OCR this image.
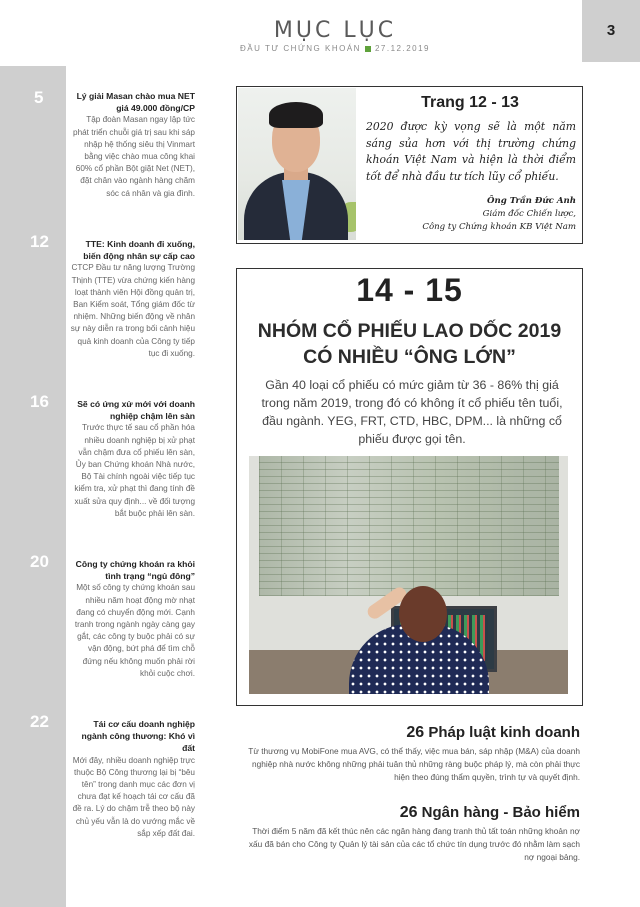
MỤC LỤC
ĐẦU TƯ CHỨNG KHOÁN 27.12.2019
3
5	Lý giải Masan chào mua NET giá 49.000 đồng/CP
Tập đoàn Masan ngay lập tức phát triển chuỗi giá trị sau khi sáp nhập hệ thống siêu thị Vinmart bằng việc chào mua công khai 60% cổ phần Bột giặt Net (NET), đặt chân vào ngành hàng chăm sóc cá nhân và gia đình.
12	TTE: Kinh doanh đi xuống, biến động nhân sự cấp cao
CTCP Đầu tư năng lượng Trường Thịnh (TTE) vừa chứng kiến hàng loạt thành viên Hội đồng quản trị, Ban Kiểm soát, Tổng giám đốc từ nhiệm. Những biến động về nhân sự này diễn ra trong bối cảnh hiệu quả kinh doanh của Công ty tiếp tục đi xuống.
16	Sẽ có ứng xử mới với doanh nghiệp chậm lên sàn
Trước thực tế sau cổ phần hóa nhiều doanh nghiệp bị xử phạt vẫn chậm đưa cổ phiếu lên sàn, Ủy ban Chứng khoán Nhà nước, Bộ Tài chính ngoài việc tiếp tục kiểm tra, xử phạt thì đang tính đề xuất sửa quy định... về đối tượng bắt buộc phải lên sàn.
20	Công ty chứng khoán ra khỏi tình trạng “ngủ đông”
Một số công ty chứng khoán sau nhiều năm hoạt động mờ nhạt đang có chuyển động mới. Cạnh tranh trong ngành ngày càng gay gắt, các công ty buộc phải có sự vận động, bứt phá để tìm chỗ đứng nếu không muốn phải rời khỏi cuộc chơi.
22	Tái cơ cấu doanh nghiệp ngành công thương: Khó vì đất
Mới đây, nhiều doanh nghiệp trực thuộc Bộ Công thương lại bị “bêu tên” trong danh mục các đơn vị chưa đạt kế hoạch tái cơ cấu đã đề ra. Lý do chậm trễ theo bộ này chủ yếu vẫn là do vướng mắc về sắp xếp đất đai.
Trang 12 - 13
2020 được kỳ vọng sẽ là một năm sáng sủa hơn với thị trường chứng khoán Việt Nam và hiện là thời điểm tốt để nhà đầu tư tích lũy cổ phiếu.
Ông Trần Đức Anh
Giám đốc Chiến lược,
Công ty Chứng khoán KB Việt Nam
14 - 15
NHÓM CỔ PHIẾU LAO DỐC 2019
CÓ NHIỀU “ÔNG LỚN”
Gần 40 loại cổ phiếu có mức giảm từ 36 - 86% thị giá trong năm 2019, trong đó có không ít cổ phiếu tên tuổi, đầu ngành. YEG, FRT, CTD, HBC, DPM... là những cổ phiếu được gọi tên.
26 Pháp luật kinh doanh
Từ thương vụ MobiFone mua AVG, có thể thấy, việc mua bán, sáp nhập (M&A) của doanh nghiệp nhà nước không những phải tuân thủ những ràng buộc pháp lý, mà còn phải thực hiện theo đúng thẩm quyền, trình tự và quyết định.
26 Ngân hàng - Bảo hiểm
Thời điểm 5 năm đã kết thúc nên các ngân hàng đang tranh thủ tất toán những khoản nợ xấu đã bán cho Công ty Quản lý tài sản của các tổ chức tín dụng trước đó nhằm làm sạch nợ ngoại bảng.
